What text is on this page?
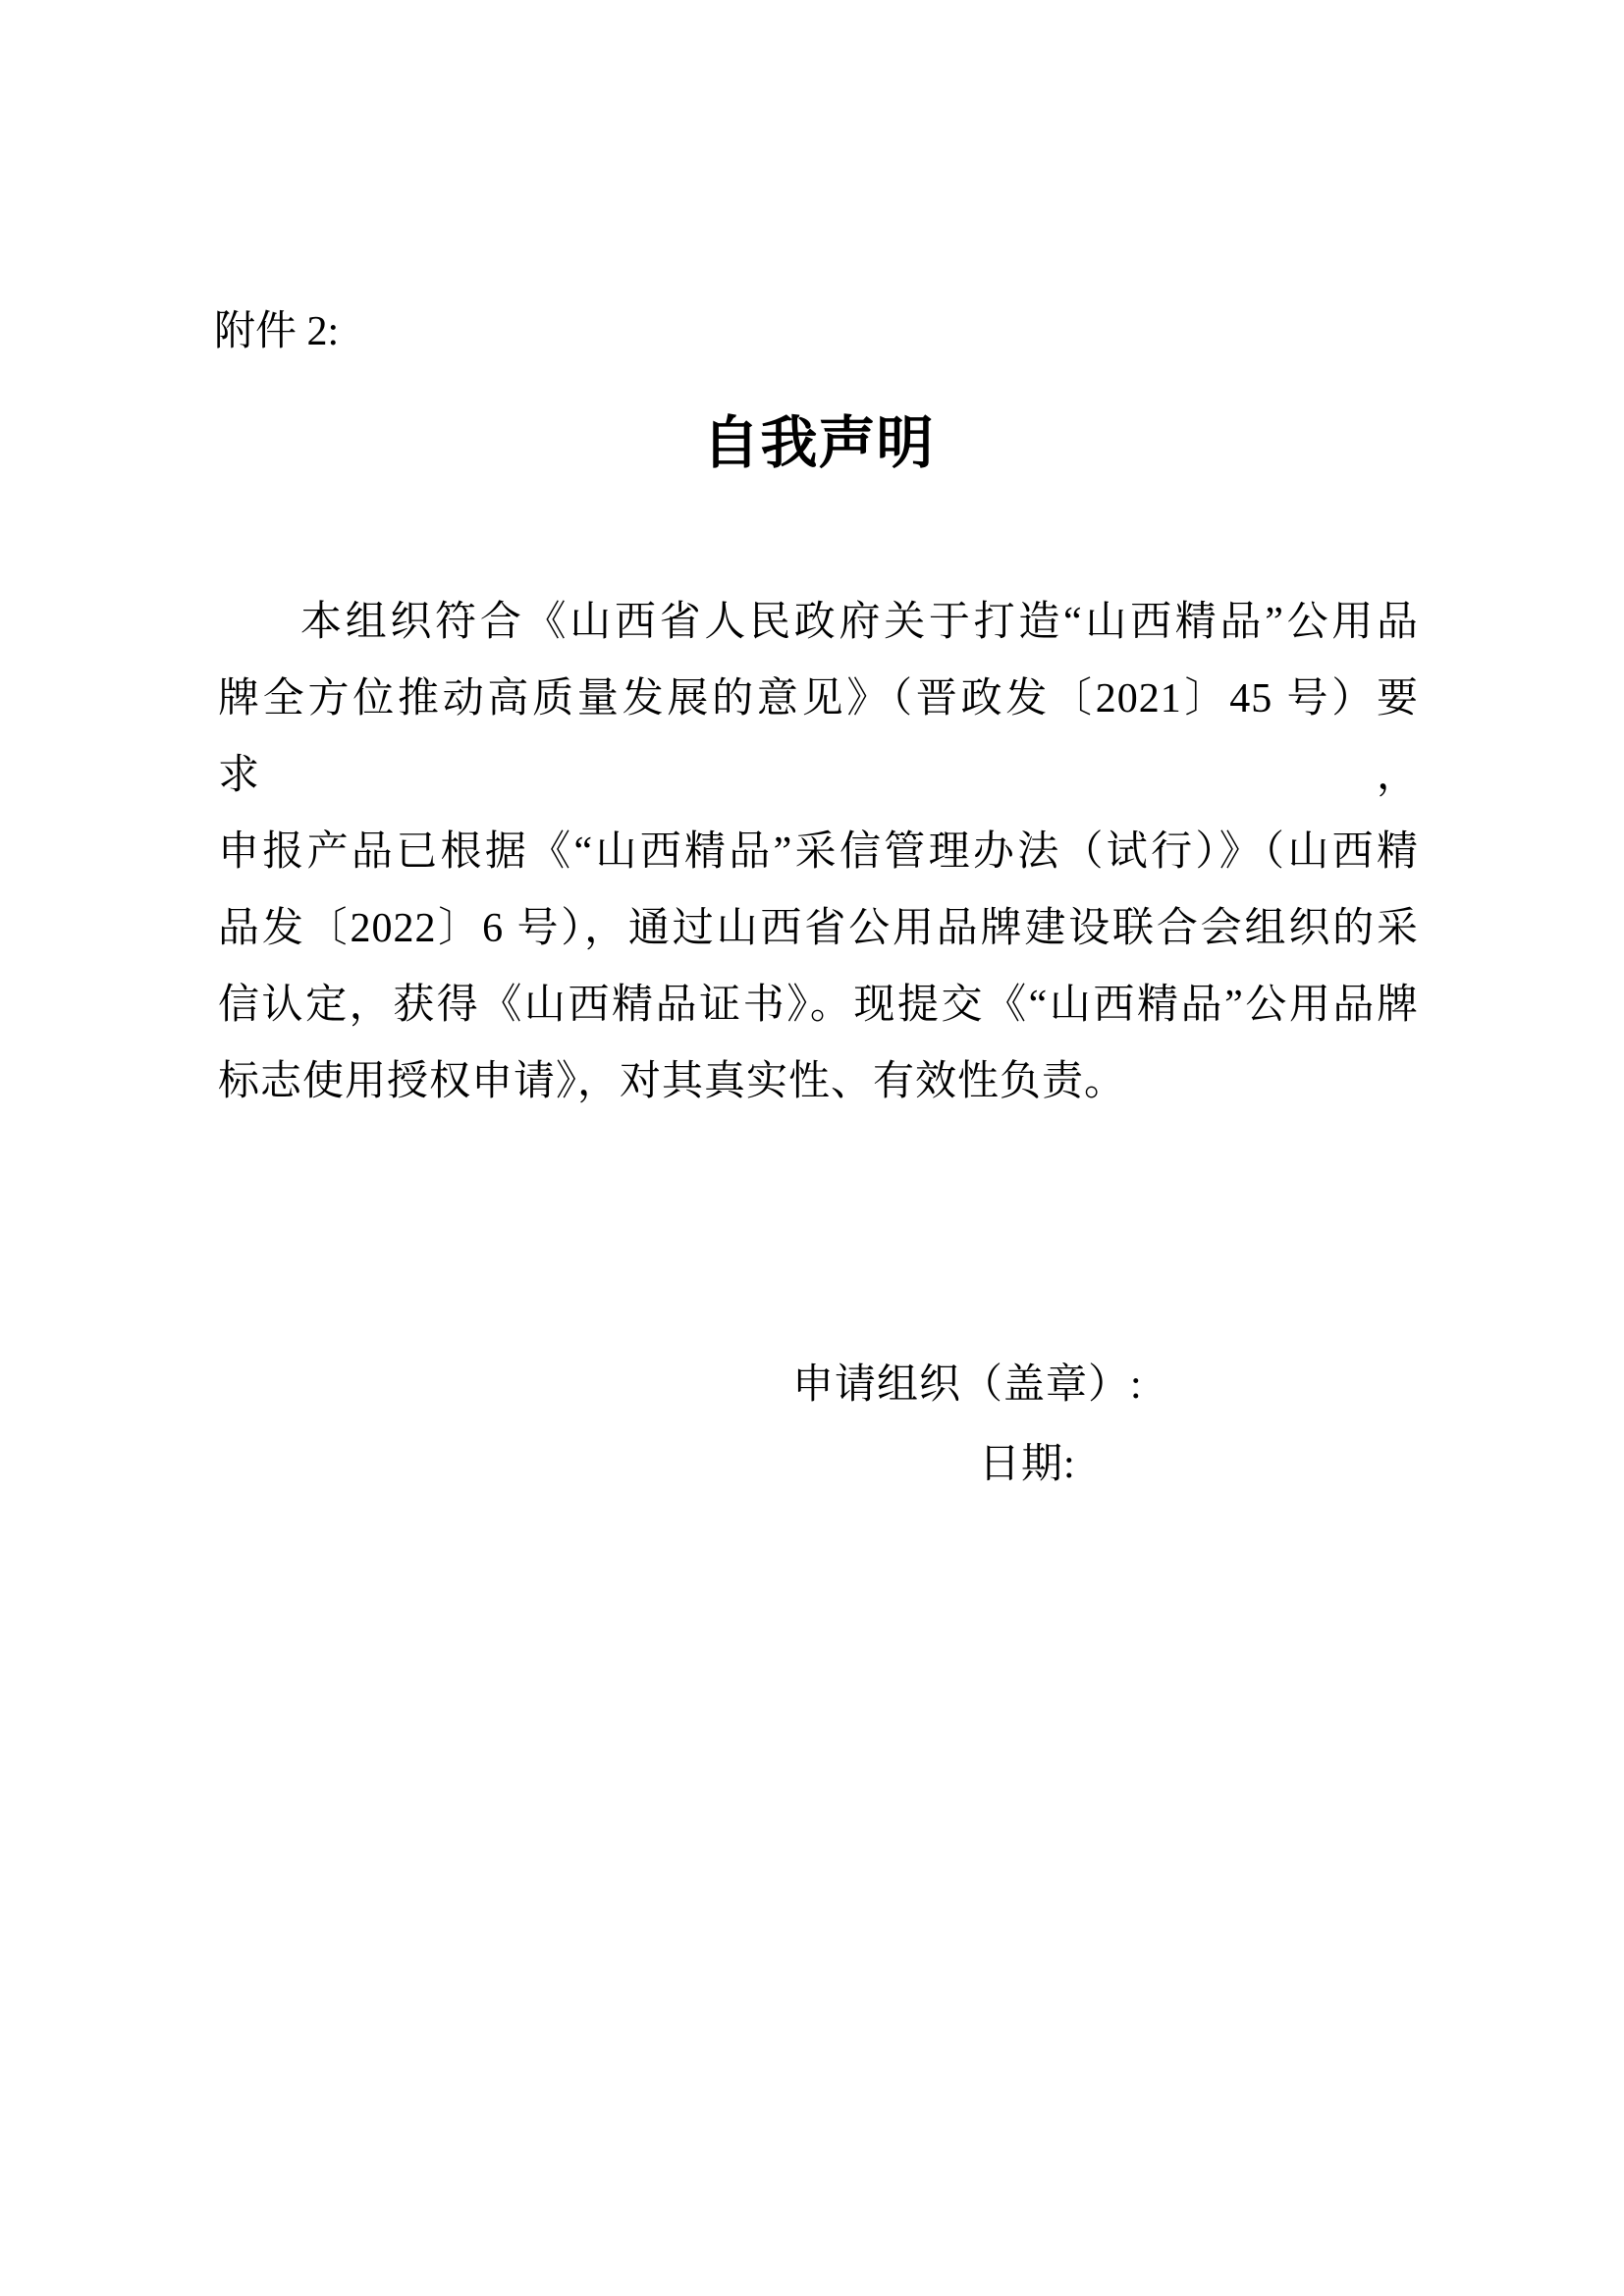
附件 2:
自我声明
本组织符合《山西省人民政府关于打造“山西精品”公用品
牌全方位推动高质量发展的意见》（晋政发〔2021〕45 号）要求，
申报产品已根据《“山西精品”采信管理办法（试行）》（山西精
品发〔2022〕6 号），通过山西省公用品牌建设联合会组织的采
信认定，获得《山西精品证书》。现提交《“山西精品”公用品牌
标志使用授权申请》，对其真实性、有效性负责。
申请组织（盖章）:
日期:
